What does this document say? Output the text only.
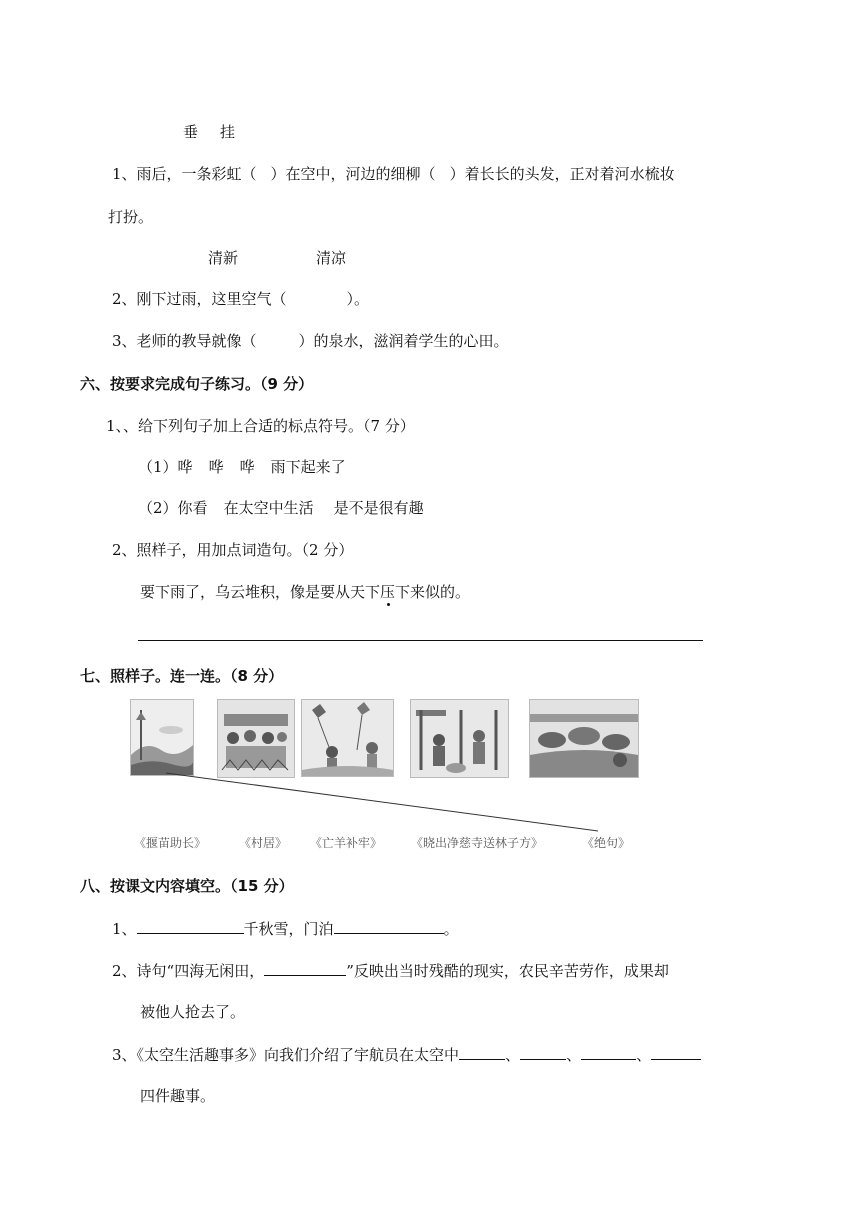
垂 挂
1、雨后，一条彩虹（ ）在空中，河边的细柳（ ）着长长的头发，正对着河水梳妆
打扮。
清新	清凉
2、刚下过雨，这里空气（	）。
3、老师的教导就像（	）的泉水，滋润着学生的心田。
六、按要求完成句子练习。（9 分）
1、、给下列句子加上合适的标点符号。（7 分）
（1）哗 哗 哗 雨下起来了
（2）你看 在太空中生活 是不是很有趣
2、照样子，用加点词造句。（2 分）
要下雨了，乌云堆积，像是要从天下压下来似的。
七、照样子。连一连。（8 分）
《揠苗助长》	《村居》 《亡羊补牢》 《晓出净慈寺送林子方》	《绝句》
八、按课文内容填空。（15 分）
1、	千秋雪，门泊	。
2、诗句“四海无闲田，	”反映出当时残酷的现实，农民辛苦劳作，成果却
被他人抢去了。
3、《太空生活趣事多》向我们介绍了宇航员在太空中	、	、	、
四件趣事。
